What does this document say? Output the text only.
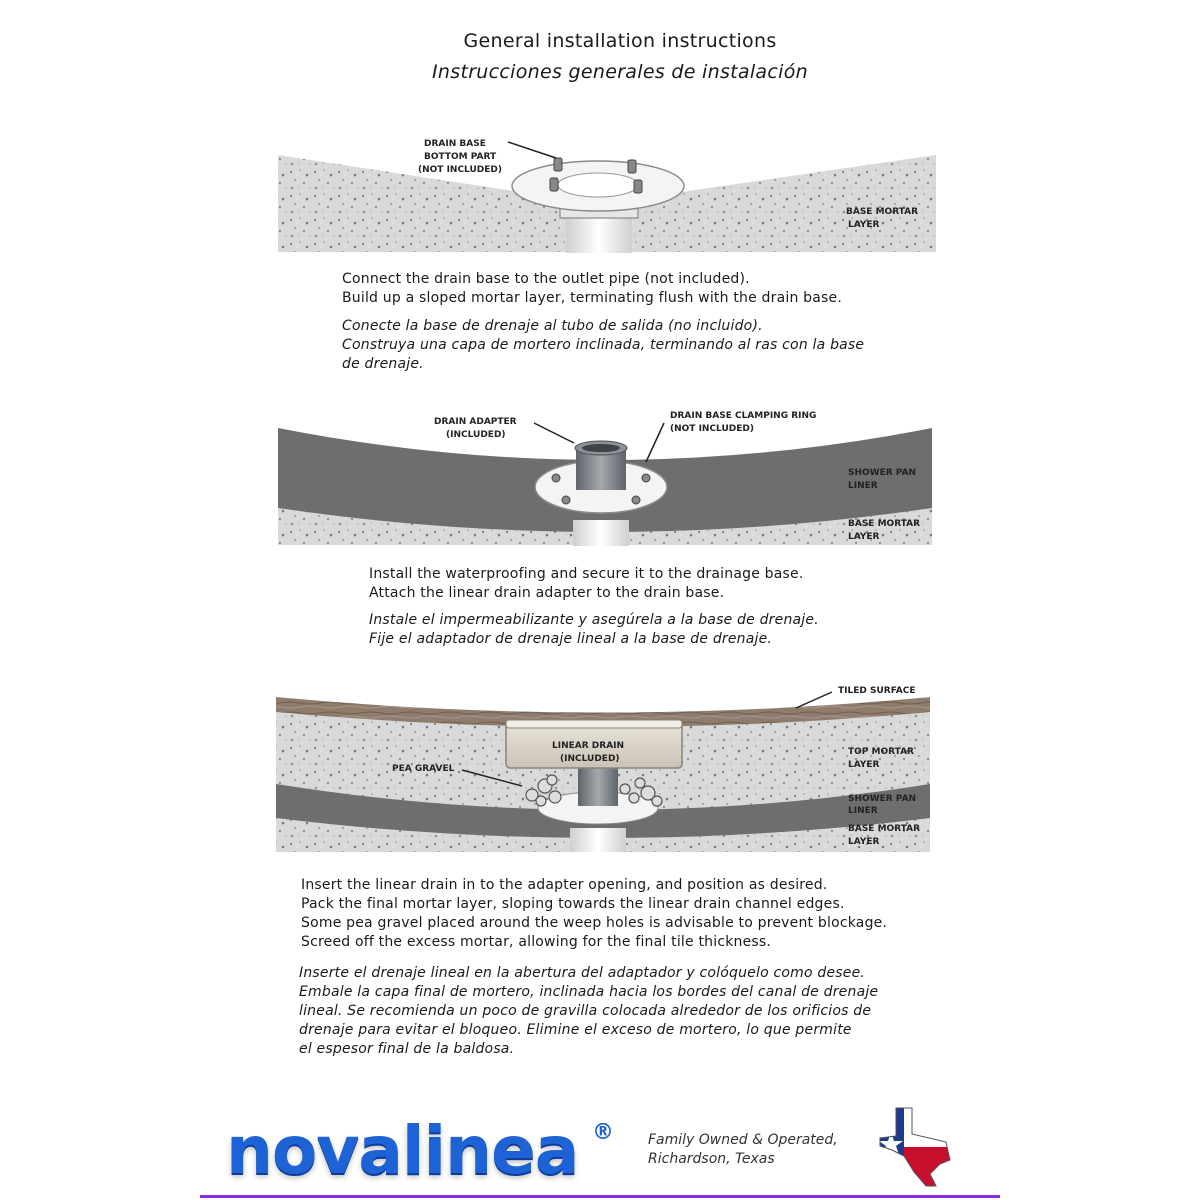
General installation instructions
Instrucciones generales de instalación
DRAIN BASE
BOTTOM PART
(NOT INCLUDED)
BASE MORTAR
LAYER
DRAIN ADAPTER
(INCLUDED)
DRAIN BASE CLAMPING RING
(NOT INCLUDED)
SHOWER PAN
LINER
BASE MORTAR
LAYER
TILED SURFACE
LINEAR DRAIN
(INCLUDED)
PEA GRAVEL
TOP MORTAR
LAYER
SHOWER PAN
LINER
BASE MORTAR
LAYER
Connect the drain base to the outlet pipe (not included).
Build up a sloped mortar layer, terminating flush with the drain base.
Conecte la base de drenaje al tubo de salida (no incluido).
Construya una capa de mortero inclinada, terminando al ras con la base
de drenaje.
Install the waterproofing and secure it to the drainage base.
Attach the linear drain adapter to the drain base.
Instale el impermeabilizante y asegúrela a la base de drenaje.
Fije el adaptador de drenaje lineal a la base de drenaje.
Insert the linear drain in to the adapter opening, and position as desired.
Pack the final mortar layer, sloping towards the linear drain channel edges.
Some pea gravel placed around the weep holes is advisable to prevent blockage.
Screed off the excess mortar, allowing for the final tile thickness.
Inserte el drenaje lineal en la abertura del adaptador y colóquelo como desee.
Embale la capa final de mortero, inclinada hacia los bordes del canal de drenaje
lineal. Se recomienda un poco de gravilla colocada alrededor de los orificios de
drenaje para evitar el bloqueo. Elimine el exceso de mortero, lo que permite
el espesor final de la baldosa.
novalinea ® Family Owned & Operated,
Richardson, Texas
